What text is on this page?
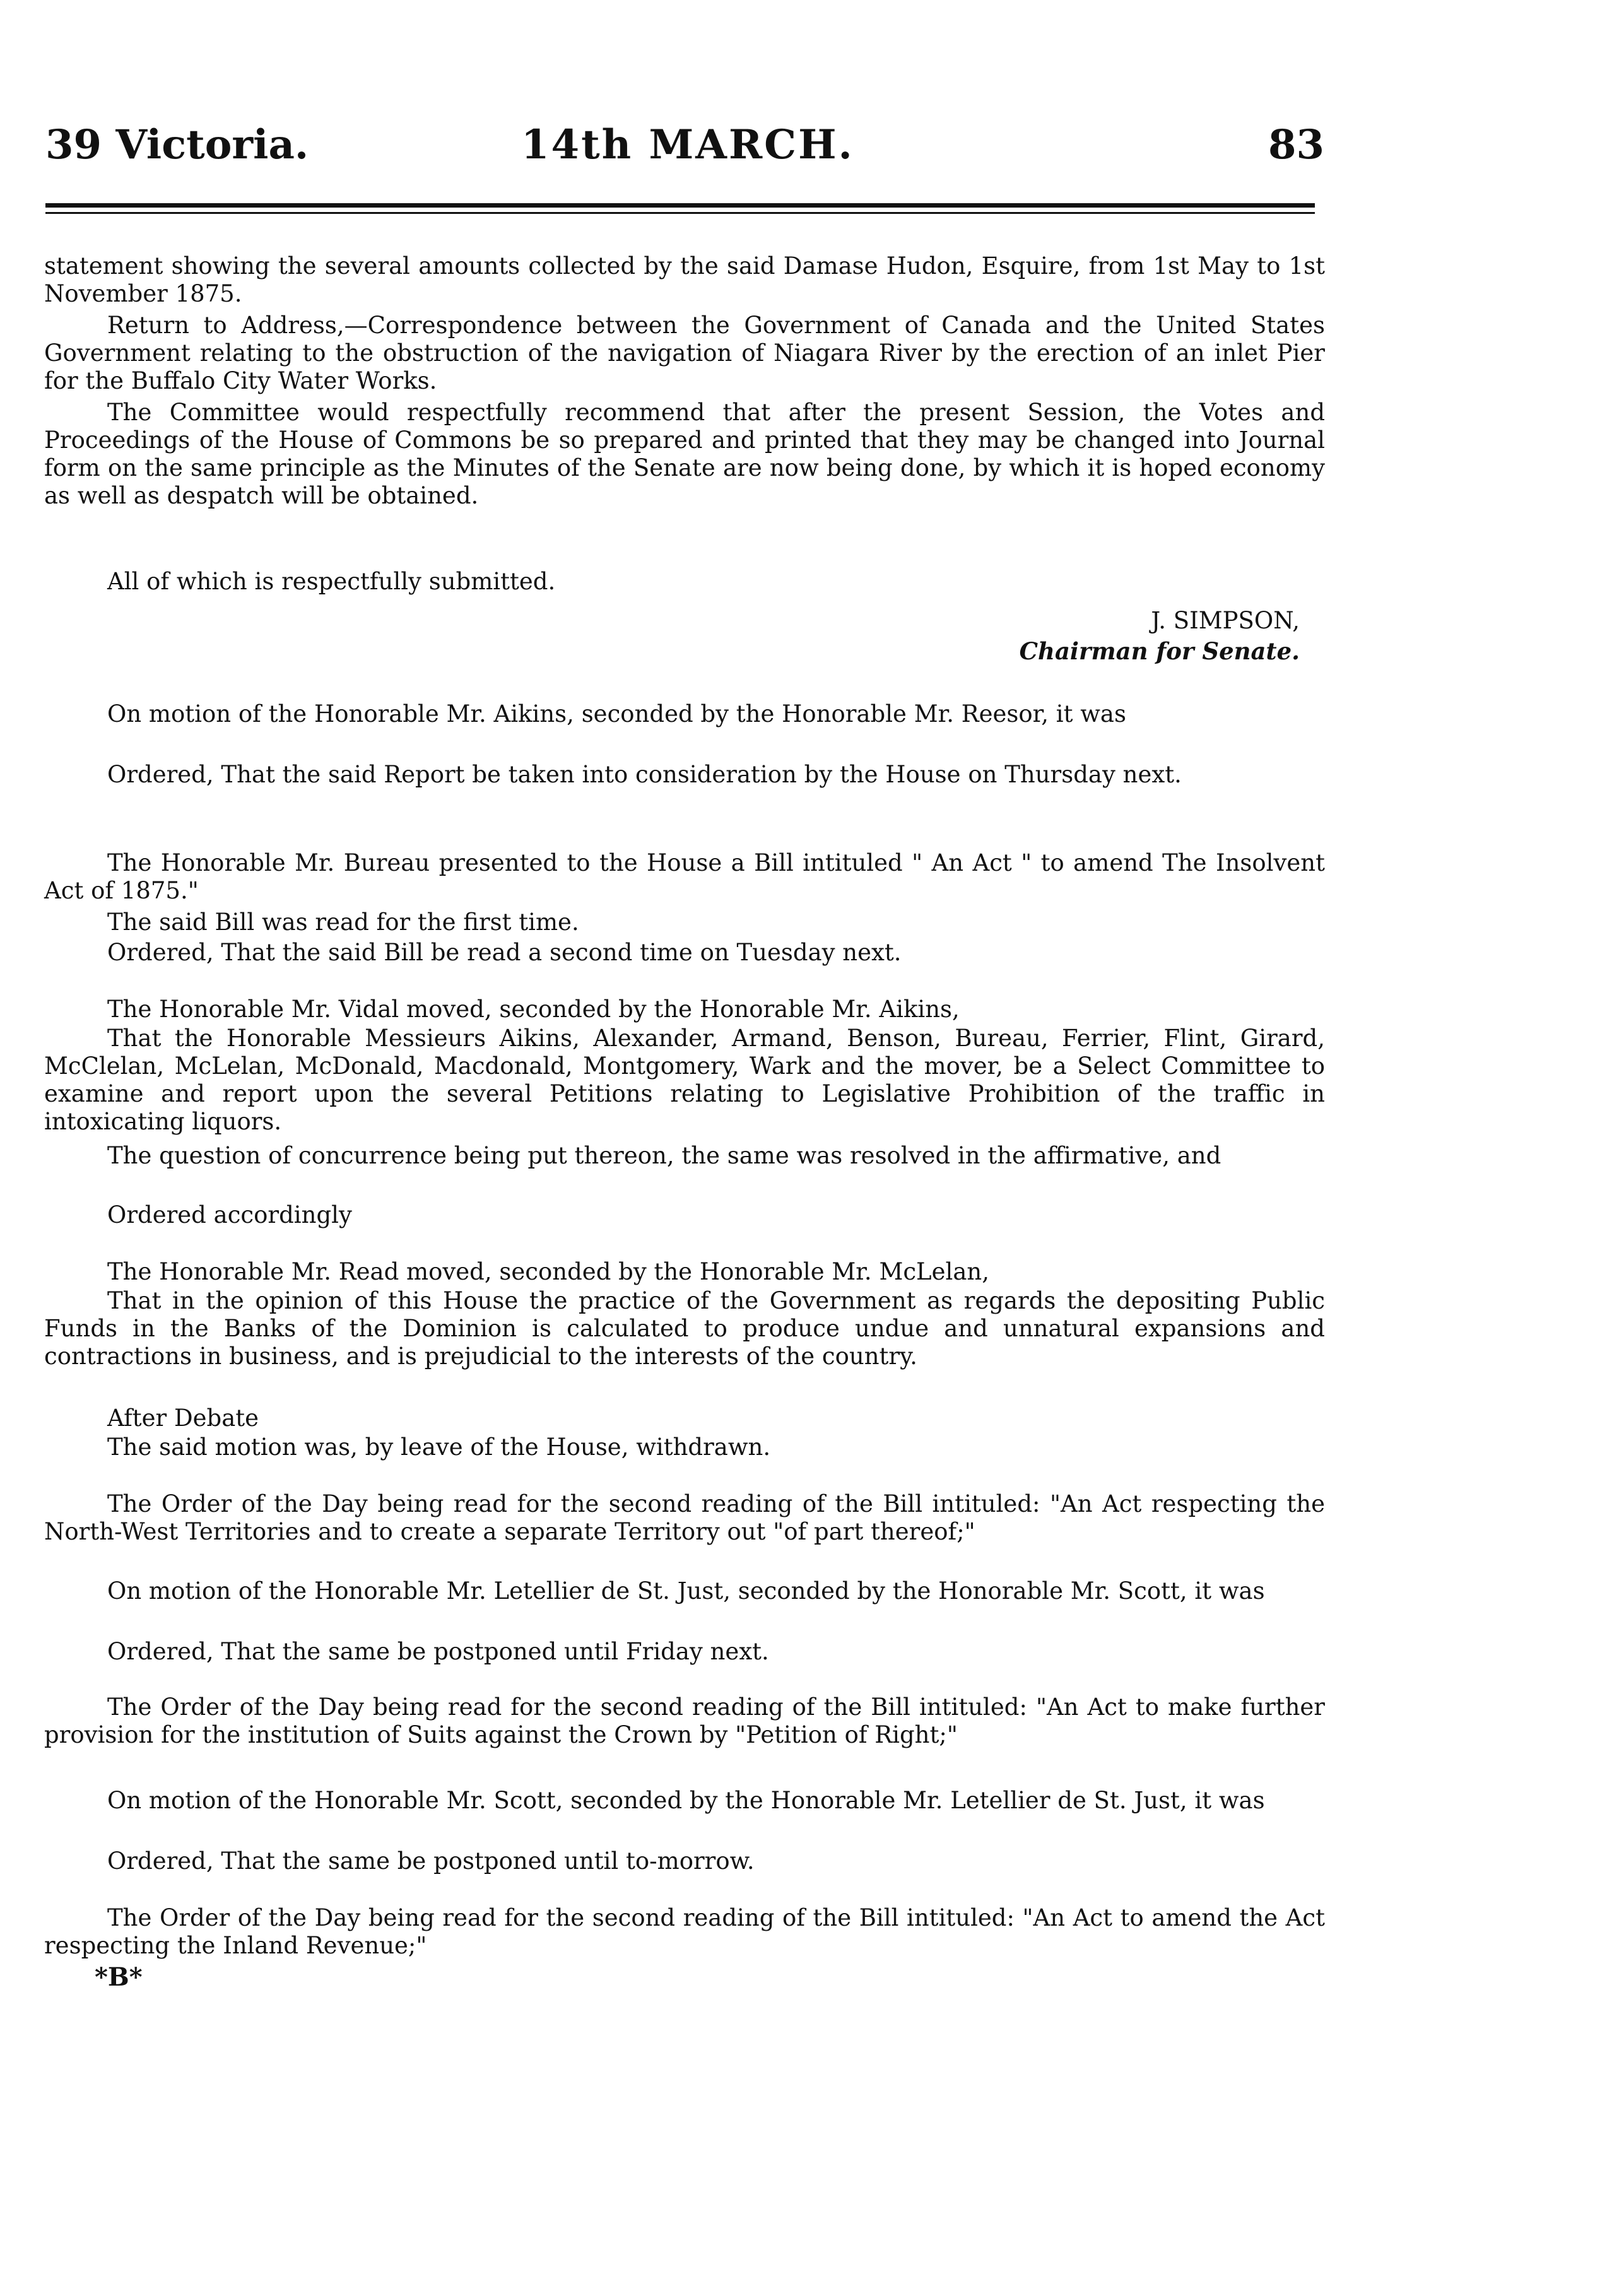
39 Victoria.	14th MARCH.	83

statement showing the several amounts collected by the said Damase Hudon, Esquire, from 1st May to 1st November 1875.

Return to Address,—Correspondence between the Government of Canada and the United States Government relating to the obstruction of the navigation of Niagara River by the erection of an inlet Pier for the Buffalo City Water Works.

The Committee would respectfully recommend that after the present Session, the Votes and Proceedings of the House of Commons be so prepared and printed that they may be changed into Journal form on the same principle as the Minutes of the Senate are now being done, by which it is hoped economy as well as despatch will be obtained.

All of which is respectfully submitted.

J. SIMPSON,
Chairman for Senate.

On motion of the Honorable Mr. Aikins, seconded by the Honorable Mr. Reesor, it was

Ordered, That the said Report be taken into consideration by the House on Thursday next.

The Honorable Mr. Bureau presented to the House a Bill intituled " An Act " to amend The Insolvent Act of 1875."

The said Bill was read for the first time.

Ordered, That the said Bill be read a second time on Tuesday next.

The Honorable Mr. Vidal moved, seconded by the Honorable Mr. Aikins,

That the Honorable Messieurs Aikins, Alexander, Armand, Benson, Bureau, Ferrier, Flint, Girard, McClelan, McLelan, McDonald, Macdonald, Montgomery, Wark and the mover, be a Select Committee to examine and report upon the several Petitions relating to Legislative Prohibition of the traffic in intoxicating liquors.

The question of concurrence being put thereon, the same was resolved in the affirmative, and

Ordered accordingly

The Honorable Mr. Read moved, seconded by the Honorable Mr. McLelan,

That in the opinion of this House the practice of the Government as regards the depositing Public Funds in the Banks of the Dominion is calculated to produce undue and unnatural expansions and contractions in business, and is prejudicial to the interests of the country.

After Debate

The said motion was, by leave of the House, withdrawn.

The Order of the Day being read for the second reading of the Bill intituled: "An Act respecting the North-West Territories and to create a separate Territory out "of part thereof;"

On motion of the Honorable Mr. Letellier de St. Just, seconded by the Honorable Mr. Scott, it was

Ordered, That the same be postponed until Friday next.

The Order of the Day being read for the second reading of the Bill intituled: "An Act to make further provision for the institution of Suits against the Crown by "Petition of Right;"

On motion of the Honorable Mr. Scott, seconded by the Honorable Mr. Letellier de St. Just, it was

Ordered, That the same be postponed until to-morrow.

The Order of the Day being read for the second reading of the Bill intituled: "An Act to amend the Act respecting the Inland Revenue;"

*B*
